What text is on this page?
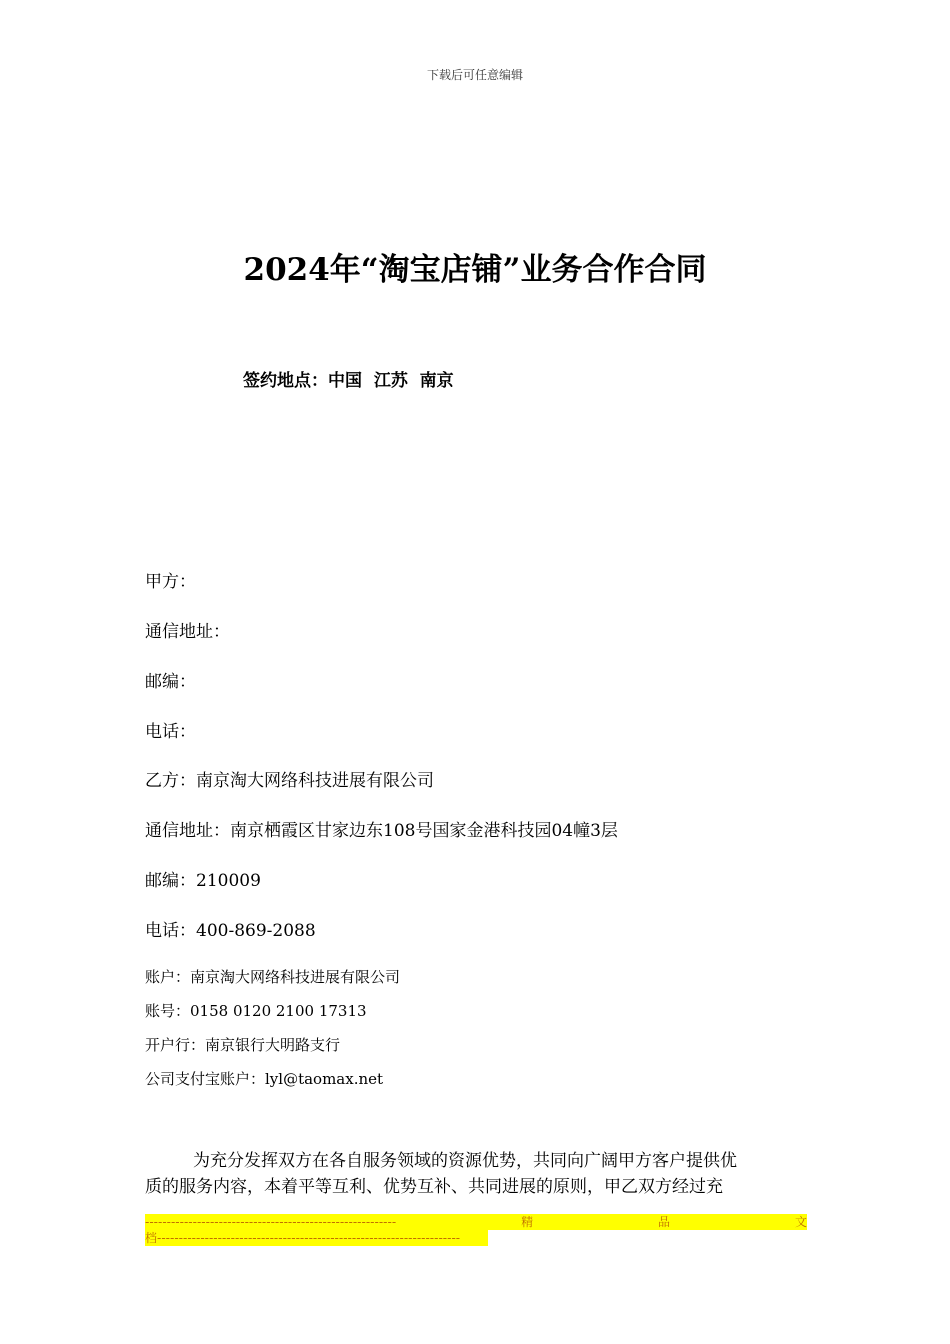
下载后可任意编辑
2024年“淘宝店铺”业务合作合同
签约地点：中国  江苏  南京
甲方：
通信地址：
邮编：
电话：
乙方：南京淘大网络科技进展有限公司
通信地址：南京栖霞区甘家边东108号国家金港科技园04幢3层
邮编：210009
电话：400-869-2088
账户：南京淘大网络科技进展有限公司
账号：0158 0120 2100 17313
开户行：南京银行大明路支行
公司支付宝账户：lyl@taomax.net
为充分发挥双方在各自服务领域的资源优势，共同向广阔甲方客户提供优
质的服务内容，本着平等互利、优势互补、共同进展的原则，甲乙双方经过充
----------------------------------------------------------	精	品	文
档----------------------------------------------------------------------
